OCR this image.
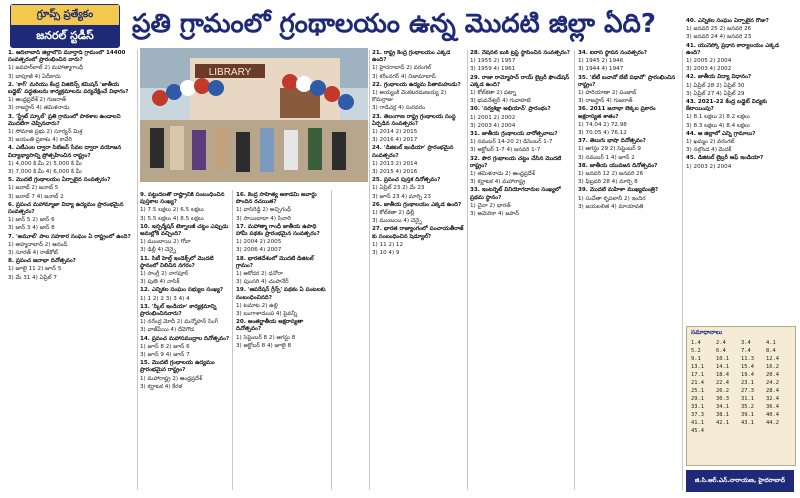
గ్రూప్స్ ప్రత్యేకం
జనరల్ స్టడీస్	ప్రతి గ్రామంలో గ్రంథాలయం ఉన్న మొదటి జిల్లా ఏది?

1. ఆదిలాబాద్ జిల్లాలోని మూర్తాడ్ గ్రామంలో 14400 సంవత్సరంలో ప్రారంభించిన వారు?

1) జవహర్‌లాల్ 2) మహాత్మాగాంధీ

3) బాపూజీ 4) ఏదీకాదు

2. 'కాగ్' మరియు కేంద్ర విజిలెన్స్ కమిషన్ 'జాతీయ బడ్జెట్' పద్ధతులను కార్యక్రమాలను పర్యవేక్షించే విభాగం?

1) ఆంధ్రప్రదేశ్ 2) గుజరాత్

3) రాజస్థాన్ 4) తమిళనాడు

3. 'స్ట్రేట్ స్కూల్' ప్రతి గ్రామంలో పాఠశాల ఉండాలని మొదటిగా చెప్పినవారు?

1) సోమాజి ప్రభు 2) సూర్యన్ మిశ్ర

3) జయంతి ప్రకాశం 4) కావేరి

4. ఎటీఎంల ద్వారా సిటిజన్ సేవల ద్వారా వయోజన విద్యాభ్యాసాన్ని ప్రోత్సహించిన రాష్ట్రం?

1) 4,000 కి.మీ 2) 5,000 కి.మీ

3) 7,000 కి.మీ 4) 6,000 కి.మీ

5. మొదటి గ్రంథాలయం ఏర్పాటైన సంవత్సరం?

1) జనాబ్ 2) జనాబ్ 5

3) జనాబ్ 7 4) జనాబ్ 2

6. ప్రపంచ మహామ్మాజా విద్యా ఉద్యమం ప్రారంభమైన సంవత్సరం?

1) జాన్ 5 2) జాన్ 6

3) జాన్ 3 4) జాన్ 8

7. 'అమూల్' పాల సహకార సంఘం ఏ రాష్ట్రంలో ఉంది?

1) అహ్మదాబాద్ 2) ఆనంద్

3) సూరత్ 4) రాజ్‌కోట్

8. ప్రపంచ జనాభా దినోత్సవం?

1) జూలై 11 2) జూన్ 5

3) మే 31 4) ఏప్రిల్ 7

LIBRARY

9. పట్టుదలతో రాష్ట్రానికి సంబంధించిన పుస్తకాల సంఖ్య?

1) 7.5 లక్షలు 2) 6.5 లక్షలు

3) 5.5 లక్షలు 4) 8.5 లక్షలు

10. ఇన్ఫర్మేషన్ టెక్నాలజీ చట్టం ఎప్పుడు అమల్లోకి వచ్చింది?

1) ముంబాయి 2) గోవా

3) ఢిల్లీ 4) చెన్నై

11. సిటీ హెల్త్ ఇండెక్స్‌లో మొదటి స్థానంలో నిలిచిన నగరం?

1) సాంగ్లీ 2) నాగపూర్

3) పుణె 4) నాసిక్

12. ఎన్నికల సంఘం సభ్యుల సంఖ్య?

1) 1 2) 2 3) 3 4) 4

13. 'స్కిల్ ఇండియా' కార్యక్రమాన్ని ప్రారంభించినవారు?

1) నరేంద్ర మోదీ 2) మన్మోహన్ సింగ్

3) వాజ్‌పేయి 4) దేవెగౌడ

14. ప్రపంచ మహాసముద్రాల దినోత్సవం?

1) జూన్ 8 2) జూన్ 6

3) జూన్ 9 4) జూన్ 7

15. మొదటి గ్రంథాలయ ఉద్యమం ప్రారంభమైన రాష్ట్రం?

1) మహారాష్ట్ర 2) ఆంధ్రప్రదేశ్

3) కర్ణాటక 4) కేరళ

16. కేంద్ర సాహిత్య అకాడమీ అవార్డు పొందిన రచయిత?

1) వాసిరెడ్డి 2) అచ్చిగంధ్

3) సాయిబాబా 4) సినారె

17. మహాత్మా గాంధీ జాతీయ ఉపాధి హామీ పథకం ప్రారంభమైన సంవత్సరం?

1) 2004 2) 2005

3) 2006 4) 2007

18. భారతదేశంలో మొదటి డిజిటల్ గ్రామం?

1) అకోదర 2) ధనోరా

3) పుంసరి 4) చంపానేర్

19. 'ఆపరేషన్ గ్రీన్స్' పథకం ఏ పంటలకు సంబంధించినది?

1) టమాట 2) ఉల్లి

3) బంగాళాదుంప 4) పైవన్నీ

20. అంతర్జాతీయ అక్షరాస్యతా దినోత్సవం?

1) సెప్టెంబర్ 8 2) ఆగస్టు 8

3) అక్టోబర్ 8 4) జూలై 8

21. రాష్ట్ర కేంద్ర గ్రంథాలయం ఎక్కడ ఉంది?

1) హైదరాబాద్ 2) వరంగల్

3) కరీంనగర్ 4) నిజామాబాద్

22. గ్రంథాలయ ఉద్యమ పితామహుడు?

1) అయ్యంకి వెంకటరమణయ్య 2) కొమర్రాజు

3) గాడిచర్ల 4) సురవరం

23. తెలంగాణ రాష్ట్ర గ్రంథాలయ సంస్థ ఏర్పడిన సంవత్సరం?

1) 2014 2) 2015

3) 2016 4) 2017

24. 'డిజిటల్ ఇండియా' ప్రారంభమైన సంవత్సరం?

1) 2013 2) 2014

3) 2015 4) 2016

25. ప్రపంచ పుస్తక దినోత్సవం?

1) ఏప్రిల్ 23 2) మే 23

3) జూన్ 23 4) మార్చి 23

26. జాతీయ గ్రంథాలయం ఎక్కడ ఉంది?

1) కోల్‌కతా 2) ఢిల్లీ

3) ముంబయి 4) చెన్నై

27. భారత రాజ్యాంగంలో పంచాయతీరాజ్ కు సంబంధించిన షెడ్యూల్?

1) 11 2) 12

3) 10 4) 9

28. నేషనల్ బుక్ ట్రస్ట్ స్థాపించిన సంవత్సరం?

1) 1955 2) 1957

3) 1959 4) 1961

29. రాజా రామ్మోహన్ రాయ్ లైబ్రరీ ఫౌండేషన్ ఎక్కడ ఉంది?

1) కోల్‌కతా 2) పట్నా

3) భువనేశ్వర్ 4) గువాహటి

30. 'సర్వశిక్షా అభియాన్' ప్రారంభం?

1) 2001 2) 2002

3) 2003 4) 2004

31. జాతీయ గ్రంథాలయ వారోత్సవాలు?

1) నవంబర్ 14-20 2) డిసెంబర్ 1-7

3) అక్టోబర్ 1-7 4) జనవరి 1-7

32. పౌర గ్రంథాలయ చట్టం చేసిన మొదటి రాష్ట్రం?

1) తమిళనాడు 2) ఆంధ్రప్రదేశ్

3) కర్ణాటక 4) మహారాష్ట్ర

33. ఇంటర్నెట్ వినియోగదారుల సంఖ్యలో ప్రథమ స్థానం?

1) చైనా 2) భారత్

3) అమెరికా 4) జపాన్

34. ఐరాస స్థాపన సంవత్సరం?

1) 1945 2) 1946

3) 1944 4) 1947

35. 'బేటీ బచావో బేటీ పఢావో' ప్రారంభించిన రాష్ట్రం?

1) హరియాణా 2) పంజాబ్

3) రాజస్థాన్ 4) గుజరాత్

36. 2011 జనాభా లెక్కల ప్రకారం అక్షరాస్యత శాతం?

1) 74.04 2) 72.98

3) 70.05 4) 76.12

37. తెలుగు భాషా దినోత్సవం?

1) ఆగస్టు 29 2) సెప్టెంబర్ 9

3) నవంబర్ 1 4) జూన్ 2

38. జాతీయ యువజన దినోత్సవం?

1) జనవరి 12 2) జనవరి 26

3) ఫిబ్రవరి 28 4) మార్చి 8

39. మొదటి మహిళా ముఖ్యమంత్రి?

1) సుచేతా కృపలానీ 2) ఇందిర

3) జయలలిత 4) మాయావతి

40. ఎన్నికల సంఘం ఏర్పాటైన రోజు?

1) జనవరి 25 2) జనవరి 26

3) జనవరి 24 4) జనవరి 23

41. యునెస్కో ప్రధాన కార్యాలయం ఎక్కడ ఉంది?

1) 2005 2) 2004

3) 2003 4) 2002

42. జాతీయ విద్యా విధానం?

1) ఏప్రిల్ 28 2) ఏప్రిల్ 30

3) ఏప్రిల్ 27 4) ఏప్రిల్ 29

43. 2021-22 కేంద్ర బడ్జెట్ విద్యకు కేటాయింపు?

1) 8.1 లక్షలు 2) 8.2 లక్షలు

3) 8.3 లక్షలు 4) 8.4 లక్షలు

44. ఆ జిల్లాలో ఎన్ని గ్రామాలు?

1) ఖమ్మం 2) వరంగల్

3) నల్గొండ 4) మెదక్

45. డిజిటల్ లైబ్రరీ ఆఫ్ ఇండియా?

1) 2003 2) 2004

సమాధానాలు
1.4	2.4	3.4	4.1
5.2	6.4	7.4	8.4
9.1	10.1	11.3	12.4
13.1	14.1	15.4	16.2
17.1	18.4	19.4	20.4
21.4	22.4	23.1	24.2
25.1	26.2	27.3	28.4
29.1	30.3	31.1	32.4
33.1	34.1	35.2	36.4
37.3	38.1	39.1	40.4
41.1	42.1	43.1	44.2
45.4
జి.సి.ఆర్.ఎన్.నారాయణ, హైదరాబాద్
